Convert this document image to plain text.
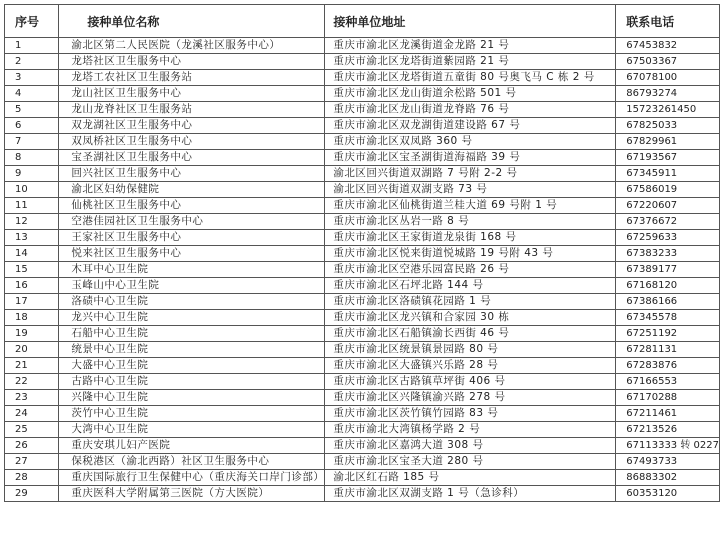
序号	接种单位名称	接种单位地址	联系电话
1	渝北区第二人民医院（龙溪社区服务中心）	重庆市渝北区龙溪街道金龙路 21 号	67453832
2	龙塔社区卫生服务中心	重庆市渝北区龙塔街道紫园路 21 号	67503367
3	龙塔工农社区卫生服务站	重庆市渝北区龙塔街道五童街 80 号奥飞马 C 栋 2 号	67078100
4	龙山社区卫生服务中心	重庆市渝北区龙山街道余松路 501 号	86793274
5	龙山龙脊社区卫生服务站	重庆市渝北区龙山街道龙脊路 76 号	15723261450
6	双龙湖社区卫生服务中心	重庆市渝北区双龙湖街道建设路 67 号	67825033
7	双凤桥社区卫生服务中心	重庆市渝北区双凤路 360 号	67829961
8	宝圣湖社区卫生服务中心	重庆市渝北区宝圣湖街道海福路 39 号	67193567
9	回兴社区卫生服务中心	渝北区回兴街道双湖路 7 号附 2-2 号	67345911
10	渝北区妇幼保健院	渝北区回兴街道双湖支路 73 号	67586019
11	仙桃社区卫生服务中心	重庆市渝北区仙桃街道兰桂大道 69 号附 1 号	67220607
12	空港佳园社区卫生服务中心	重庆市渝北区丛岩一路 8 号	67376672
13	王家社区卫生服务中心	重庆市渝北区王家街道龙泉街 168 号	67259633
14	悦来社区卫生服务中心	重庆市渝北区悦来街道悦城路 19 号附 43 号	67383233
15	木耳中心卫生院	重庆市渝北区空港乐园富民路 26 号	67389177
16	玉峰山中心卫生院	重庆市渝北区石坪北路 144 号	67168120
17	洛碛中心卫生院	重庆市渝北区洛碛镇花园路 1 号	67386166
18	龙兴中心卫生院	重庆市渝北区龙兴镇和合家园 30 栋	67345578
19	石船中心卫生院	重庆市渝北区石船镇渝长西街 46 号	67251192
20	统景中心卫生院	重庆市渝北区统景镇景园路 80 号	67281131
21	大盛中心卫生院	重庆市渝北区大盛镇兴乐路 28 号	67283876
22	古路中心卫生院	重庆市渝北区古路镇草坪街 406 号	67166553
23	兴隆中心卫生院	重庆市渝北区兴隆镇渝兴路 278 号	67170288
24	茨竹中心卫生院	重庆市渝北区茨竹镇竹园路 83 号	67211461
25	大湾中心卫生院	重庆市渝北大湾镇杨学路 2 号	67213526
26	重庆安琪儿妇产医院	重庆市渝北区嘉鸿大道 308 号	67113333 转 0227
27	保税港区（渝北西路）社区卫生服务中心	重庆市渝北区宝圣大道 280 号	67493733
28	重庆国际旅行卫生保健中心（重庆海关口岸门诊部）	渝北区红石路 185 号	86883302
29	重庆医科大学附属第三医院（方大医院）	重庆市渝北区双湖支路 1 号（急诊科）	60353120
